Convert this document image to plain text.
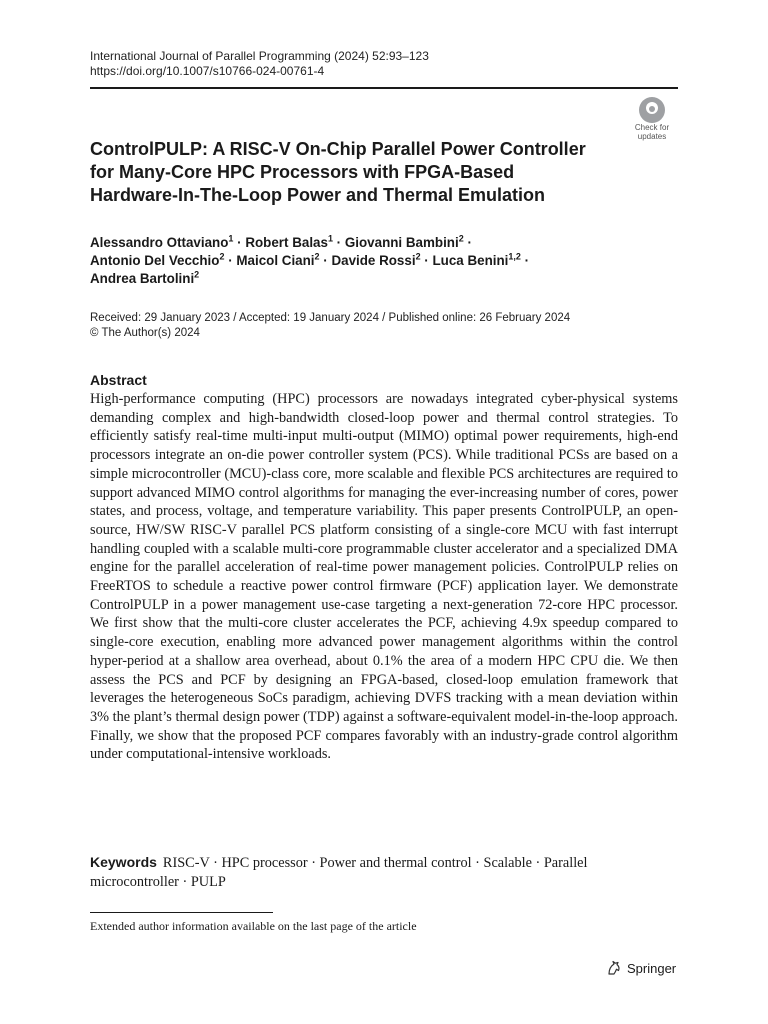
International Journal of Parallel Programming (2024) 52:93–123
https://doi.org/10.1007/s10766-024-00761-4
Check for
updates
ControlPULP: A RISC-V On-Chip Parallel Power Controller
for Many-Core HPC Processors with FPGA-Based
Hardware-In-The-Loop Power and Thermal Emulation
Alessandro Ottaviano$^1$ · Robert Balas$^1$ · Giovanni Bambini$^2$ ·
Antonio Del Vecchio$^2$ · Maicol Ciani$^2$ · Davide Rossi$^2$ · Luca Benini$^{1,2}$ ·
Andrea Bartolini$^2$
Received: 29 January 2023 / Accepted: 19 January 2024 / Published online: 26 February 2024
© The Author(s) 2024
Abstract
High-performance computing (HPC) processors are nowadays integrated cyber-physical systems demanding complex and high-bandwidth closed-loop power and thermal control strategies. To efficiently satisfy real-time multi-input multi-output (MIMO) optimal power requirements, high-end processors integrate an on-die power controller system (PCS). While traditional PCSs are based on a simple microcontroller (MCU)-class core, more scalable and flexible PCS architectures are required to support advanced MIMO control algorithms for managing the ever-increasing number of cores, power states, and process, voltage, and temperature variability. This paper presents ControlPULP, an open-source, HW/SW RISC-V parallel PCS platform consisting of a single-core MCU with fast interrupt handling coupled with a scalable multi-core programmable cluster accelerator and a specialized DMA engine for the parallel acceleration of real-time power management policies. ControlPULP relies on FreeRTOS to schedule a reactive power control firmware (PCF) application layer. We demonstrate ControlPULP in a power management use-case targeting a next-generation 72-core HPC processor. We first show that the multi-core cluster accelerates the PCF, achieving 4.9x speedup compared to single-core execution, enabling more advanced power management algorithms within the control hyper-period at a shallow area overhead, about 0.1% the area of a modern HPC CPU die. We then assess the PCS and PCF by designing an FPGA-based, closed-loop emulation framework that leverages the heterogeneous SoCs paradigm, achieving DVFS tracking with a mean deviation within 3% the plant’s thermal design power (TDP) against a software-equivalent model-in-the-loop approach. Finally, we show that the proposed PCF compares favorably with an industry-grade control algorithm under computational-intensive workloads.
Keywords RISC-V · HPC processor · Power and thermal control · Scalable · Parallel microcontroller · PULP
Extended author information available on the last page of the article
Springer
